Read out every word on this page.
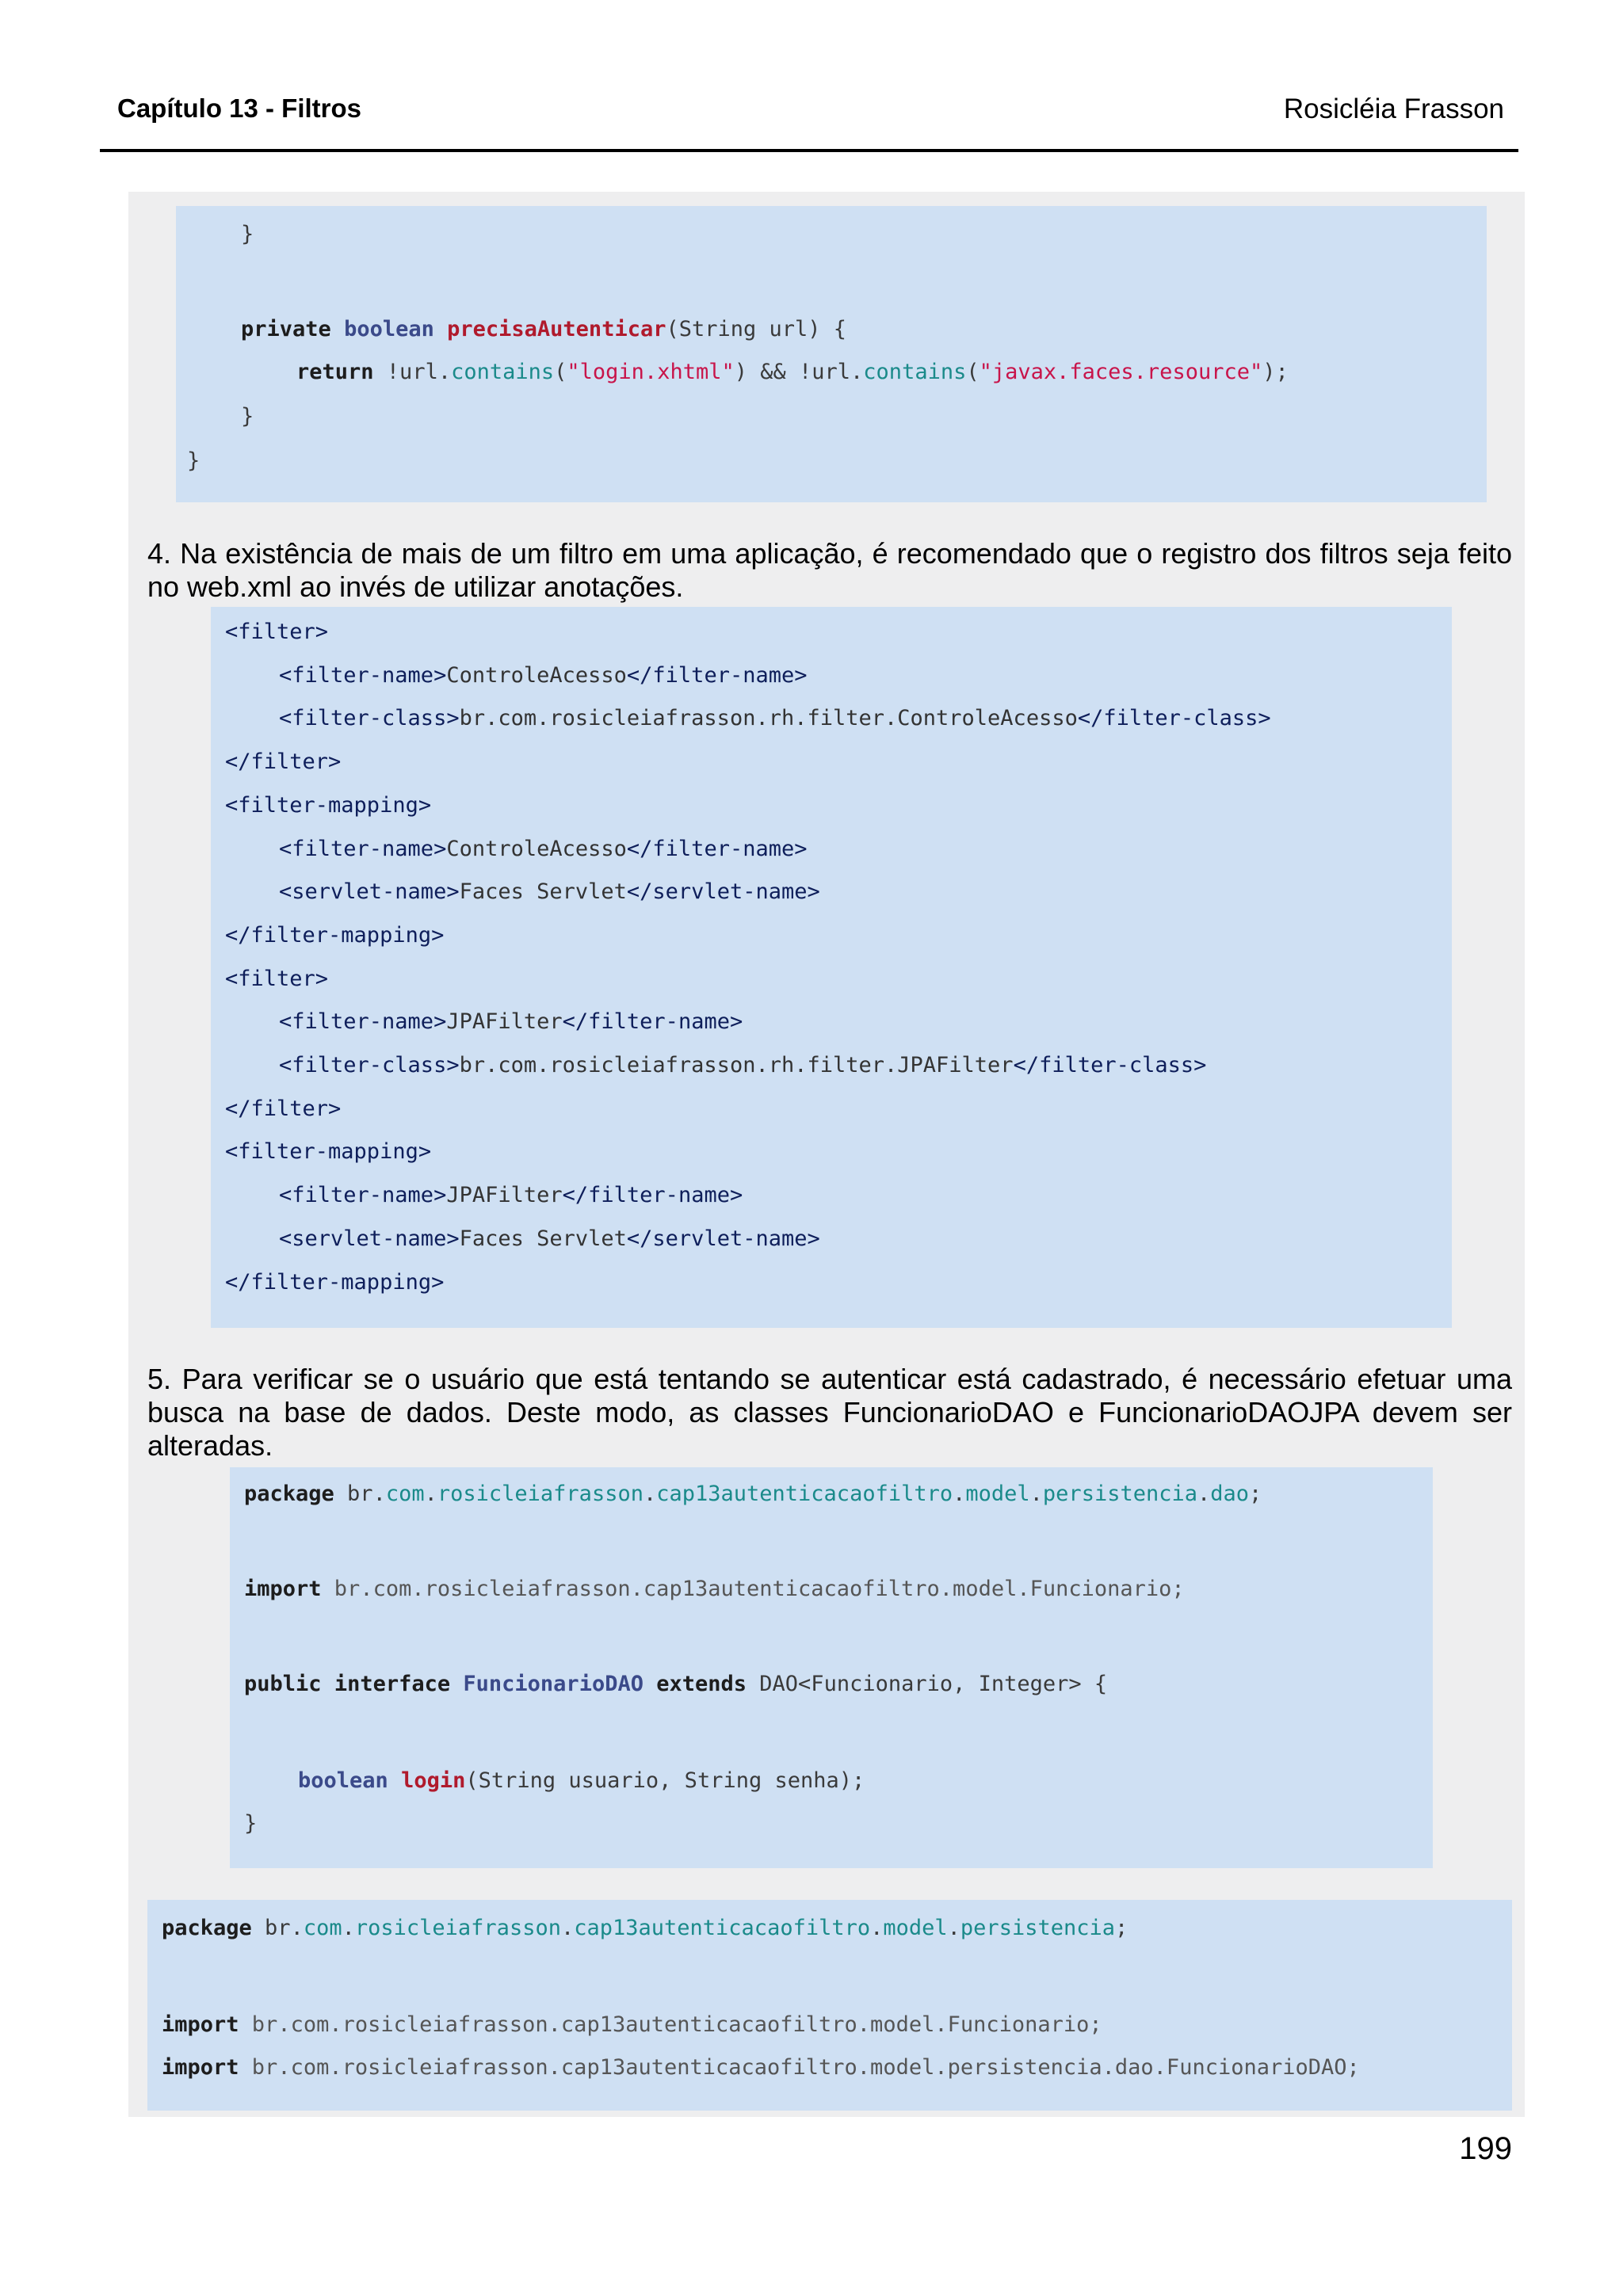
Capítulo 13 - Filtros	Rosicléia Frasson
}
private boolean precisaAutenticar(String url) {
return !url.contains("login.xhtml") && !url.contains("javax.faces.resource");
}
}
4. Na existência de mais de um filtro em uma aplicação, é recomendado que o registro dos filtros seja feito no web.xml ao invés de utilizar anotações.
<filter>
<filter-name>ControleAcesso</filter-name>
<filter-class>br.com.rosicleiafrasson.rh.filter.ControleAcesso</filter-class>
</filter>
<filter-mapping>
<filter-name>ControleAcesso</filter-name>
<servlet-name>Faces Servlet</servlet-name>
</filter-mapping>
<filter>
<filter-name>JPAFilter</filter-name>
<filter-class>br.com.rosicleiafrasson.rh.filter.JPAFilter</filter-class>
</filter>
<filter-mapping>
<filter-name>JPAFilter</filter-name>
<servlet-name>Faces Servlet</servlet-name>
</filter-mapping>
5. Para verificar se o usuário que está tentando se autenticar está cadastrado, é necessário efetuar uma busca na base de dados. Deste modo, as classes FuncionarioDAO e FuncionarioDAOJPA devem ser alteradas.
package br.com.rosicleiafrasson.cap13autenticacaofiltro.model.persistencia.dao;
import br.com.rosicleiafrasson.cap13autenticacaofiltro.model.Funcionario;
public interface FuncionarioDAO extends DAO<Funcionario, Integer> {
boolean login(String usuario, String senha);
}
package br.com.rosicleiafrasson.cap13autenticacaofiltro.model.persistencia;
import br.com.rosicleiafrasson.cap13autenticacaofiltro.model.Funcionario;
import br.com.rosicleiafrasson.cap13autenticacaofiltro.model.persistencia.dao.FuncionarioDAO;
199
